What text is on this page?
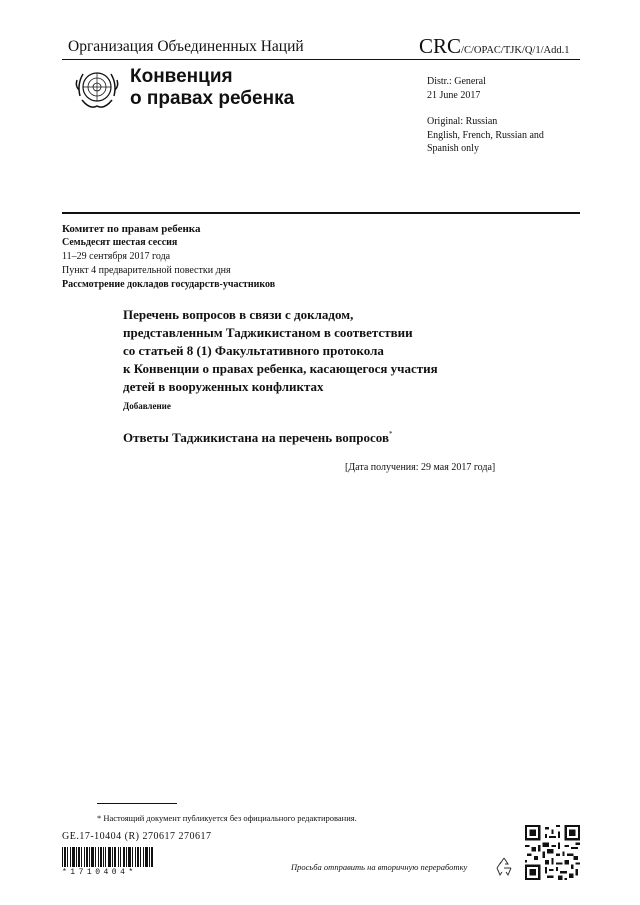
Организация Объединенных Наций	CRC/C/OPAC/TJK/Q/1/Add.1
Конвенция
о правах ребенка
Distr.: General
21 June 2017
Original: Russian
English, French, Russian and
Spanish only
Комитет по правам ребенка
Семьдесят шестая сессия
11–29 сентября 2017 года
Пункт 4 предварительной повестки дня
Рассмотрение докладов государств-участников
Перечень вопросов в связи с докладом,
представленным Таджикистаном в соответствии
со статьей 8 (1) Факультативного протокола
к Конвенции о правах ребенка, касающегося участия
детей в вооруженных конфликтах
Добавление
Ответы Таджикистана на перечень вопросов*
[Дата получения: 29 мая 2017 года]
* Настоящий документ публикуется без официального редактирования.
GE.17-10404 (R) 270617 270617
*1710404*
Просьба отправить на вторичную переработку
